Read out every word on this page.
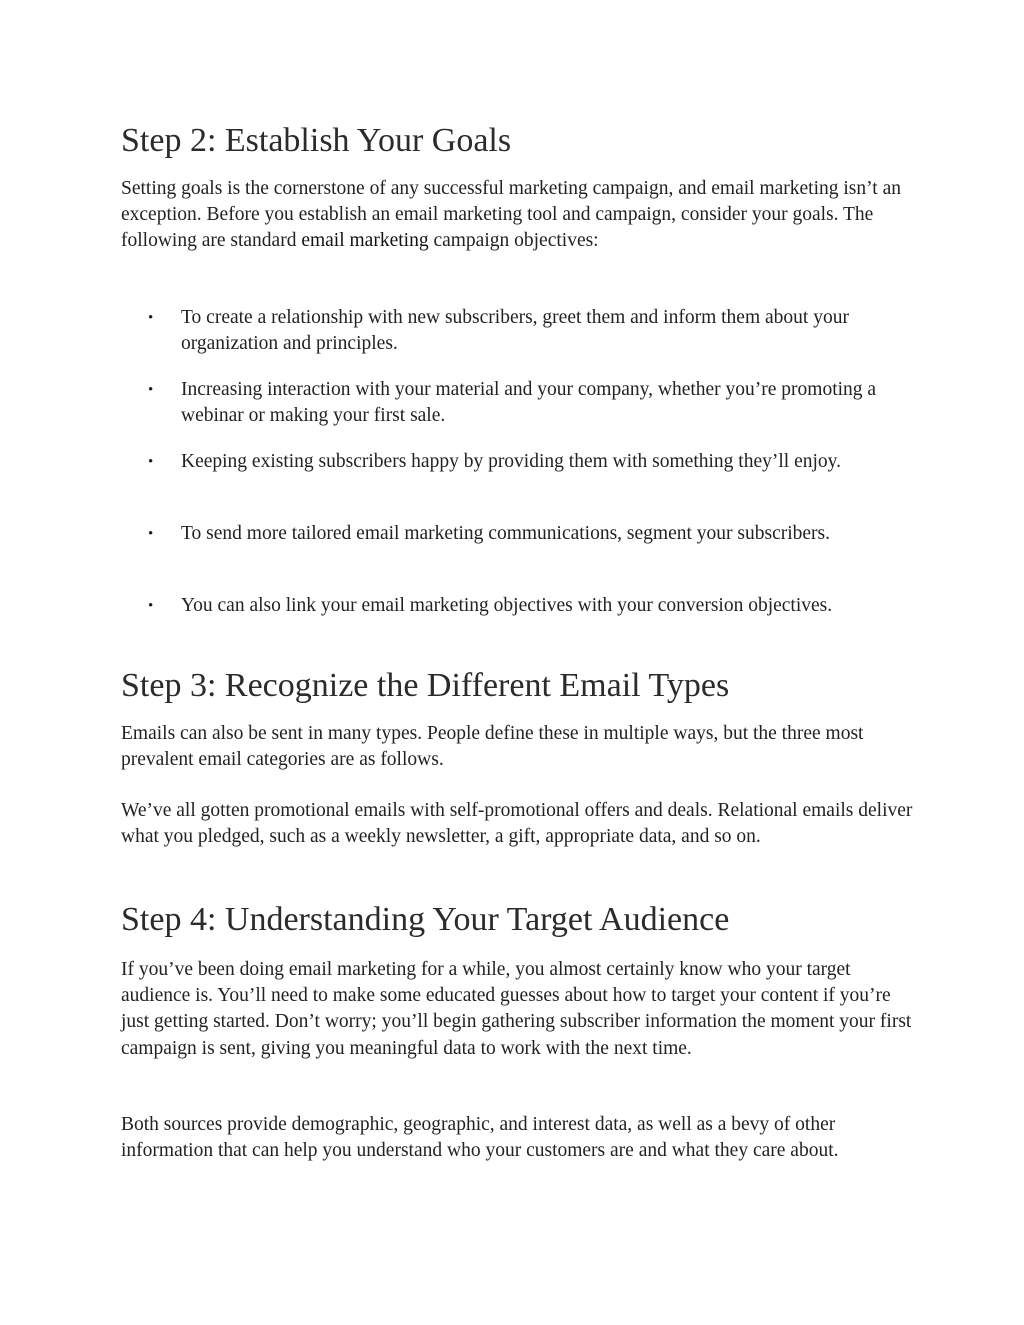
Step 2: Establish Your Goals

Setting goals is the cornerstone of any successful marketing campaign, and email marketing isn’t an exception. Before you establish an email marketing tool and campaign, consider your goals. The following are standard email marketing campaign objectives:

• To create a relationship with new subscribers, greet them and inform them about your organization and principles.
• Increasing interaction with your material and your company, whether you’re promoting a webinar or making your first sale.
• Keeping existing subscribers happy by providing them with something they’ll enjoy.
• To send more tailored email marketing communications, segment your subscribers.
• You can also link your email marketing objectives with your conversion objectives.
Step 3: Recognize the Different Email Types

Emails can also be sent in many types. People define these in multiple ways, but the three most prevalent email categories are as follows.

We’ve all gotten promotional emails with self-promotional offers and deals. Relational emails deliver what you pledged, such as a weekly newsletter, a gift, appropriate data, and so on.

Step 4: Understanding Your Target Audience

If you’ve been doing email marketing for a while, you almost certainly know who your target audience is. You’ll need to make some educated guesses about how to target your content if you’re just getting started. Don’t worry; you’ll begin gathering subscriber information the moment your first campaign is sent, giving you meaningful data to work with the next time.

Both sources provide demographic, geographic, and interest data, as well as a bevy of other information that can help you understand who your customers are and what they care about.
